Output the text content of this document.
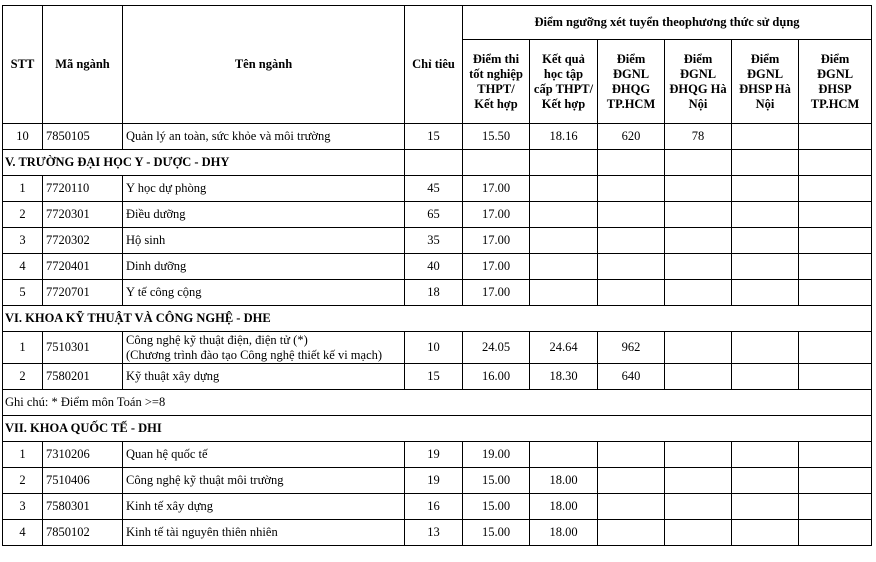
STT	Mã ngành	Tên ngành	Chỉ tiêu	Điểm ngưỡng xét tuyển theophương thức sử dụng					
				Điểm thi tốt nghiệp THPT/ Kết hợp	Kết quả học tập cấp THPT/ Kết hợp	Điểm ĐGNL ĐHQG TP.HCM	Điểm ĐGNL ĐHQG Hà Nội	Điểm ĐGNL ĐHSP Hà Nội	Điểm ĐGNL ĐHSP TP.HCM
10	7850105	Quản lý an toàn, sức khỏe và môi trường	15	15.50	18.16	620	78		
V. TRƯỜNG ĐẠI HỌC Y - DƯỢC - DHY									
1	7720110	Y học dự phòng	45	17.00					
2	7720301	Điều dưỡng	65	17.00					
3	7720302	Hộ sinh	35	17.00					
4	7720401	Dinh dưỡng	40	17.00					
5	7720701	Y tế công cộng	18	17.00					
VI. KHOA KỸ THUẬT VÀ CÔNG NGHỆ - DHE									
1	7510301	Công nghệ kỹ thuật điện, điện tử (*)
(Chương trình đào tạo Công nghệ thiết kế vi mạch)	10	24.05	24.64	962			
2	7580201	Kỹ thuật xây dựng	15	16.00	18.30	640			
Ghi chú: * Điểm môn Toán >=8									
VII. KHOA QUỐC TẾ - DHI									
1	7310206	Quan hệ quốc tế	19	19.00					
2	7510406	Công nghệ kỹ thuật môi trường	19	15.00	18.00				
3	7580301	Kinh tế xây dựng	16	15.00	18.00				
4	7850102	Kinh tế tài nguyên thiên nhiên	13	15.00	18.00				
